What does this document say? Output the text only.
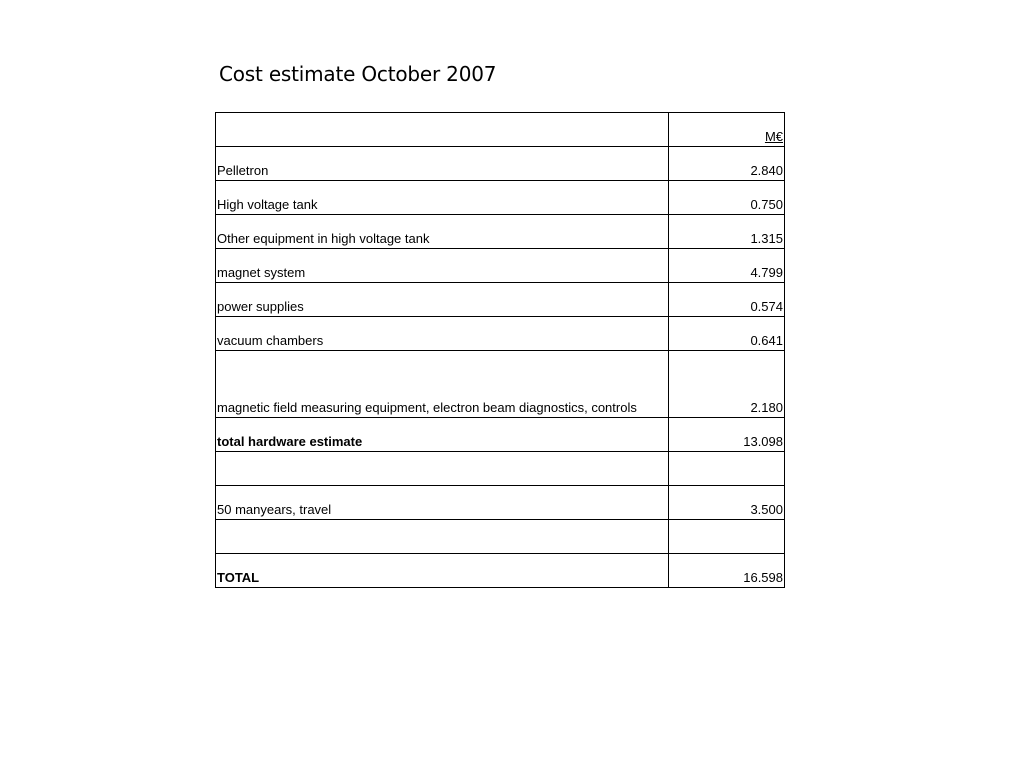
Cost estimate October 2007
	M€
Pelletron	2.840
High voltage tank	0.750
Other equipment in high voltage tank	1.315
magnet system	4.799
power supplies	0.574
vacuum chambers	0.641
magnetic field measuring equipment, electron beam diagnostics, controls	2.180
total hardware estimate	13.098

50 manyears, travel	3.500

TOTAL	16.598
